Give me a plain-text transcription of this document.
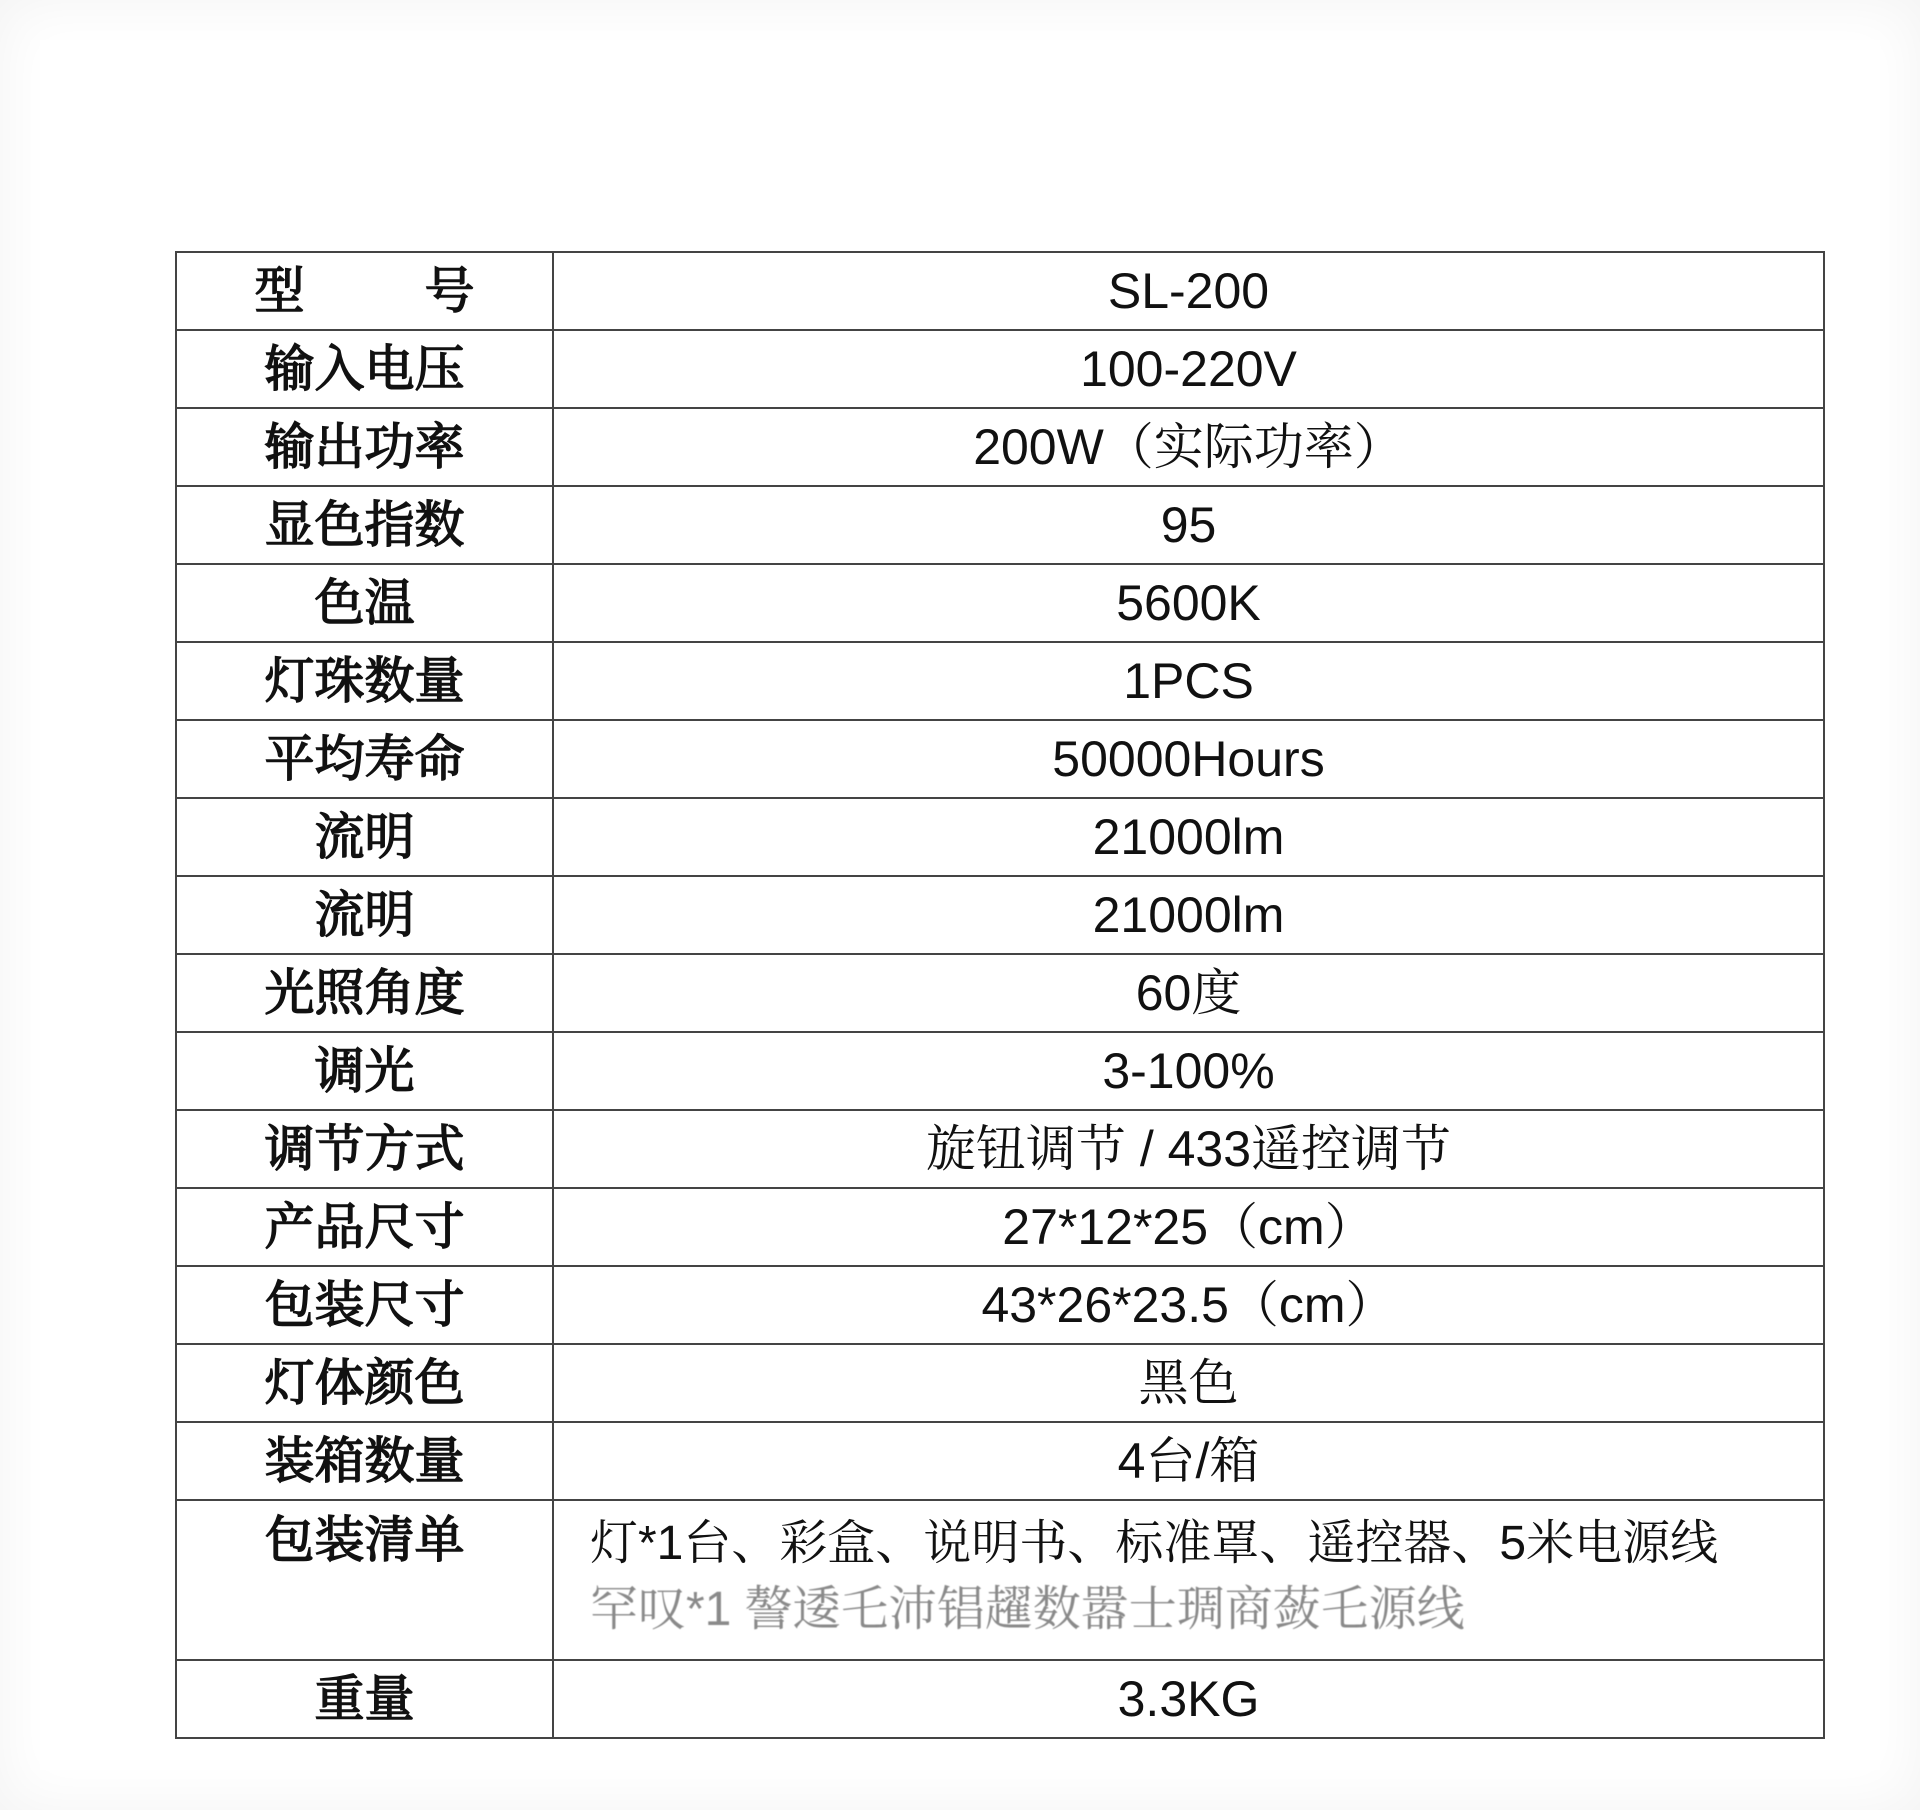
型　号	SL-200
输入电压	100-220V
输出功率	200W（实际功率）
显色指数	95
色温	5600K
灯珠数量	1PCS
平均寿命	50000Hours
流明	21000lm
流明	21000lm
光照角度	60度
调光	3-100%
调节方式	旋钮调节 / 433遥控调节
产品尺寸	27*12*25（cm）
包装尺寸	43*26*23.5（cm）
灯体颜色	黑色
装箱数量	4台/箱
包装清单	灯*1台、彩盒、说明书、标准罩、遥控器、5米电源线
罕叹*1 謷逶乇沛锠趯数嚣士琱商蔹乇源线

重量	3.3KG
